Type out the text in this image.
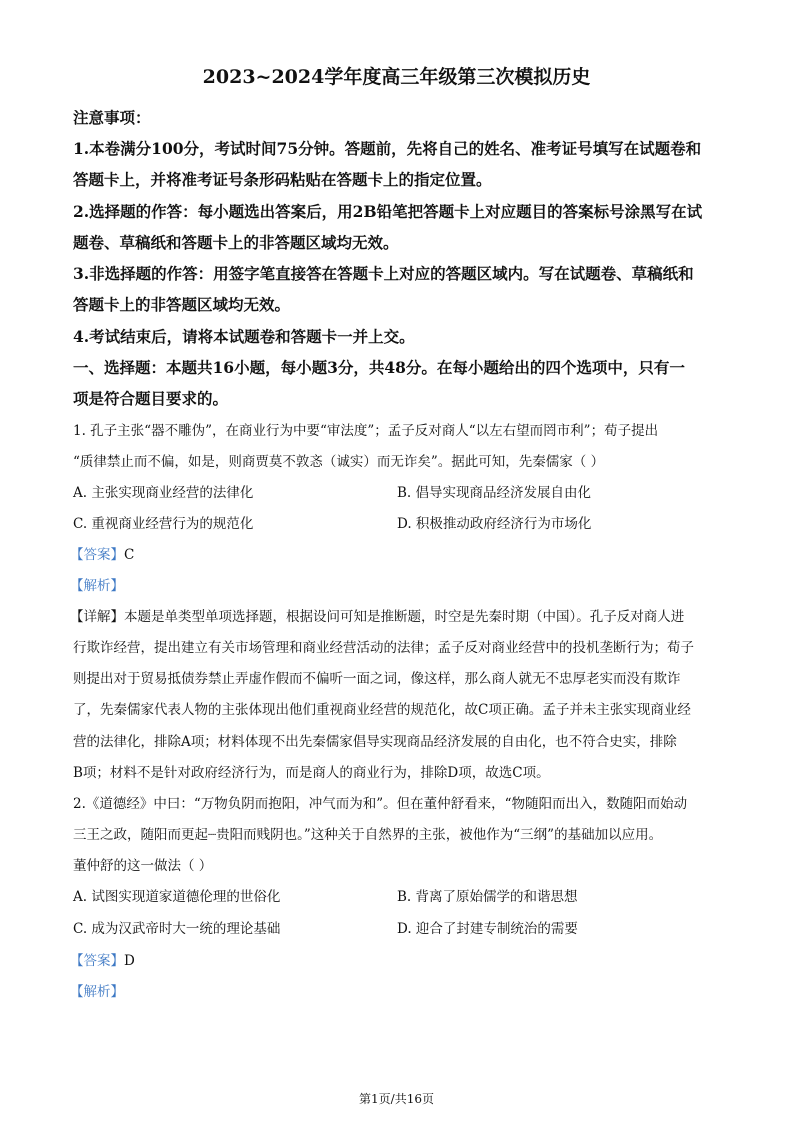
2023~2024学年度高三年级第三次模拟历史
注意事项：
1.本卷满分100分，考试时间75分钟。答题前，先将自己的姓名、准考证号填写在试题卷和
答题卡上，并将准考证号条形码粘贴在答题卡上的指定位置。
2.选择题的作答：每小题选出答案后，用2B铅笔把答题卡上对应题目的答案标号涂黑写在试
题卷、草稿纸和答题卡上的非答题区域均无效。
3.非选择题的作答：用签字笔直接答在答题卡上对应的答题区域内。写在试题卷、草稿纸和
答题卡上的非答题区域均无效。
4.考试结束后，请将本试题卷和答题卡一并上交。
一、选择题：本题共16小题，每小题3分，共48分。在每小题给出的四个选项中，只有一
项是符合题目要求的。
1. 孔子主张“器不雕伪”，在商业行为中要“审法度”；孟子反对商人“以左右望而罔市利”；荀子提出
“质律禁止而不偏，如是，则商贾莫不敦忞（诚实）而无诈矣”。据此可知，先秦儒家（ ）
A. 主张实现商业经营的法律化	B. 倡导实现商品经济发展自由化
C. 重视商业经营行为的规范化	D. 积极推动政府经济行为市场化
【答案】C
【解析】
【详解】本题是单类型单项选择题，根据设问可知是推断题，时空是先秦时期（中国）。孔子反对商人进
行欺诈经营，提出建立有关市场管理和商业经营活动的法律；孟子反对商业经营中的投机垄断行为；荀子
则提出对于贸易抵债券禁止弄虚作假而不偏听一面之词，像这样，那么商人就无不忠厚老实而没有欺诈
了，先秦儒家代表人物的主张体现出他们重视商业经营的规范化，故C项正确。孟子并未主张实现商业经
营的法律化，排除A项；材料体现不出先秦儒家倡导实现商品经济发展的自由化，也不符合史实，排除
B项；材料不是针对政府经济行为，而是商人的商业行为，排除D项，故选C项。
2.《道德经》中曰：“万物负阴而抱阳，冲气而为和”。但在董仲舒看来，“物随阳而出入，数随阳而始动
三王之政，随阳而更起┈贵阳而贱阴也。”这种关于自然界的主张，被他作为“三纲”的基础加以应用。
董仲舒的这一做法（ ）
A. 试图实现道家道德伦理的世俗化	B. 背离了原始儒学的和谐思想
C. 成为汉武帝时大一统的理论基础	D. 迎合了封建专制统治的需要
【答案】D
【解析】
第1页/共16页
